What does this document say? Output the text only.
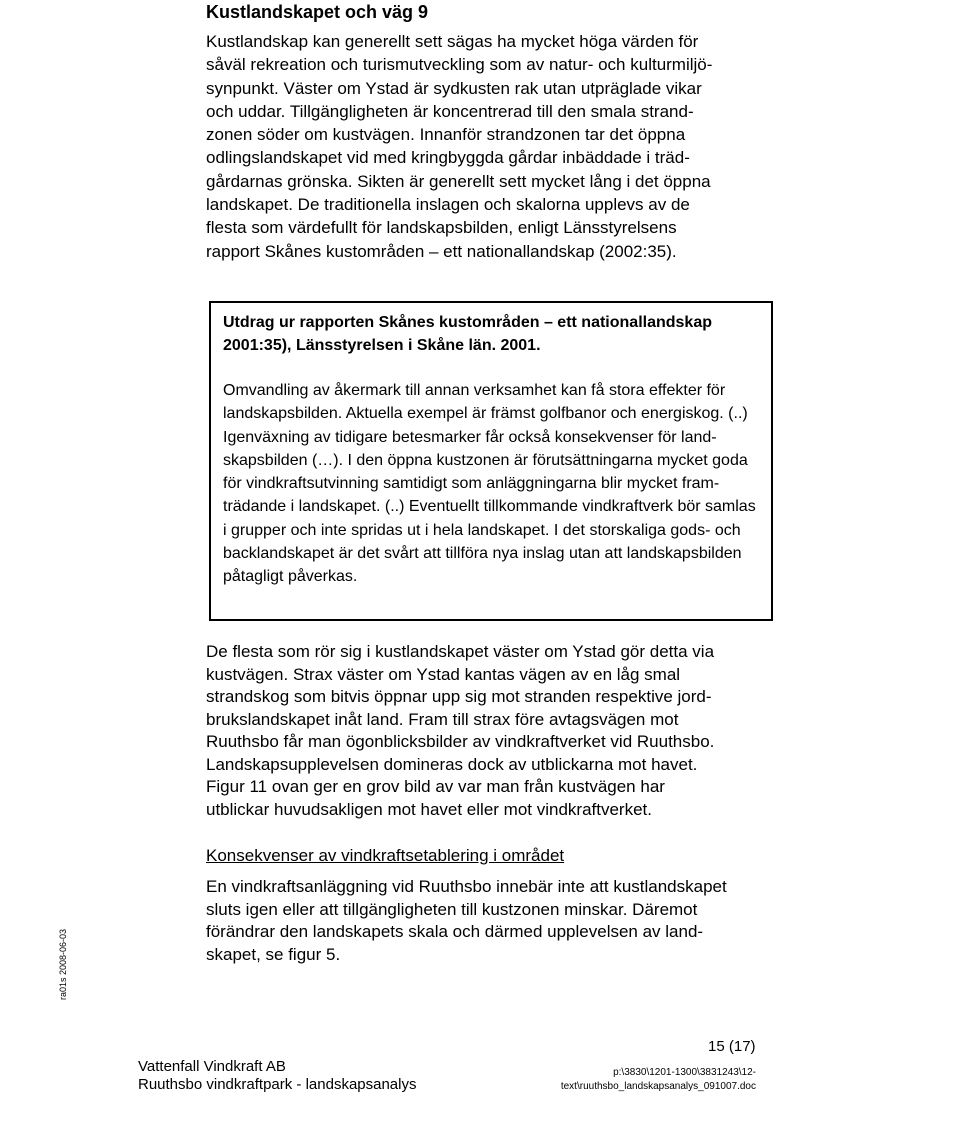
Kustlandskapet och väg 9
Kustlandskap kan generellt sett sägas ha mycket höga värden för
såväl rekreation och turismutveckling som av natur- och kulturmiljö-
synpunkt. Väster om Ystad är sydkusten rak utan utpräglade vikar
och uddar. Tillgängligheten är koncentrerad till den smala strand-
zonen söder om kustvägen. Innanför strandzonen tar det öppna
odlingslandskapet vid med kringbyggda gårdar inbäddade i träd-
gårdarnas grönska. Sikten är generellt sett mycket lång i det öppna
landskapet. De traditionella inslagen och skalorna upplevs av de
flesta som värdefullt för landskapsbilden, enligt Länsstyrelsens
rapport Skånes kustområden – ett nationallandskap (2002:35).
Utdrag ur rapporten Skånes kustområden – ett nationallandskap
2001:35), Länsstyrelsen i Skåne län. 2001.
Omvandling av åkermark till annan verksamhet kan få stora effekter för
landskapsbilden. Aktuella exempel är främst golfbanor och energiskog. (..)
Igenväxning av tidigare betesmarker får också konsekvenser för land-
skapsbilden (…). I den öppna kustzonen är förutsättningarna mycket goda
för vindkraftsutvinning samtidigt som anläggningarna blir mycket fram-
trädande i landskapet. (..) Eventuellt tillkommande vindkraftverk bör samlas
i grupper och inte spridas ut i hela landskapet. I det storskaliga gods- och
backlandskapet är det svårt att tillföra nya inslag utan att landskapsbilden
påtagligt påverkas.
De flesta som rör sig i kustlandskapet väster om Ystad gör detta via
kustvägen. Strax väster om Ystad kantas vägen av en låg smal
strandskog som bitvis öppnar upp sig mot stranden respektive jord-
brukslandskapet inåt land. Fram till strax före avtagsvägen mot
Ruuthsbo får man ögonblicksbilder av vindkraftverket vid Ruuthsbo.
Landskapsupplevelsen domineras dock av utblickarna mot havet.
Figur 11 ovan ger en grov bild av var man från kustvägen har
utblickar huvudsakligen mot havet eller mot vindkraftverket.
Konsekvenser av vindkraftsetablering i området
En vindkraftsanläggning vid Ruuthsbo innebär inte att kustlandskapet
sluts igen eller att tillgängligheten till kustzonen minskar. Däremot
förändrar den landskapets skala och därmed upplevelsen av land-
skapet, se figur 5.
ra01s 2008-06-03
15 (17)
Vattenfall Vindkraft AB
Ruuthsbo vindkraftpark - landskapsanalys
p:\3830\1201-1300\3831243\12-
text\ruuthsbo_landskapsanalys_091007.doc
